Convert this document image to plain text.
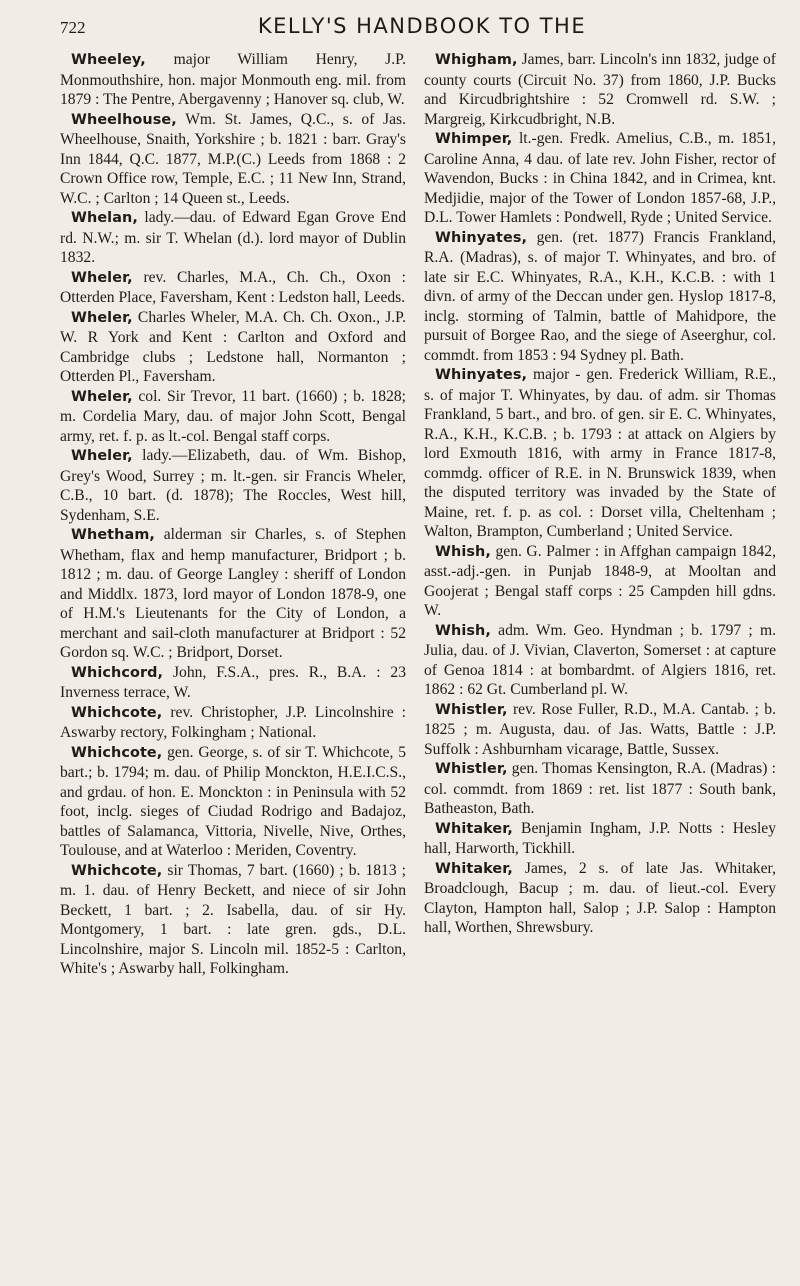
722	KELLY'S HANDBOOK TO THE

Wheeley, major William Henry, J.P. Monmouthshire, hon. major Monmouth eng. mil. from 1879 : The Pentre, Abergavenny ; Hanover sq. club, W.

Wheelhouse, Wm. St. James, Q.C., s. of Jas. Wheelhouse, Snaith, Yorkshire ; b. 1821 : barr. Gray's Inn 1844, Q.C. 1877, M.P.(C.) Leeds from 1868 : 2 Crown Office row, Temple, E.C. ; 11 New Inn, Strand, W.C. ; Carlton ; 14 Queen st., Leeds.

Whelan, lady.—dau. of Edward Egan Grove End rd. N.W.; m. sir T. Whelan (d.). lord mayor of Dublin 1832.

Wheler, rev. Charles, M.A., Ch. Ch., Oxon : Otterden Place, Faversham, Kent : Ledston hall, Leeds.

Wheler, Charles Wheler, M.A. Ch. Ch. Oxon., J.P. W. R York and Kent : Carlton and Oxford and Cambridge clubs ; Ledstone hall, Normanton ; Otterden Pl., Faversham.

Wheler, col. Sir Trevor, 11 bart. (1660) ; b. 1828; m. Cordelia Mary, dau. of major John Scott, Bengal army, ret. f. p. as lt.-col. Bengal staff corps.

Wheler, lady.—Elizabeth, dau. of Wm. Bishop, Grey's Wood, Surrey ; m. lt.-gen. sir Francis Wheler, C.B., 10 bart. (d. 1878); The Roccles, West hill, Sydenham, S.E.

Whetham, alderman sir Charles, s. of Stephen Whetham, flax and hemp manufacturer, Bridport ; b. 1812 ; m. dau. of George Langley : sheriff of London and Middlx. 1873, lord mayor of London 1878-9, one of H.M.'s Lieutenants for the City of London, a merchant and sail-cloth manufacturer at Bridport : 52 Gordon sq. W.C. ; Bridport, Dorset.

Whichcord, John, F.S.A., pres. R., B.A. : 23 Inverness terrace, W.

Whichcote, rev. Christopher, J.P. Lincolnshire : Aswarby rectory, Folkingham ; National.

Whichcote, gen. George, s. of sir T. Whichcote, 5 bart.; b. 1794; m. dau. of Philip Monckton, H.E.I.C.S., and grdau. of hon. E. Monckton : in Peninsula with 52 foot, inclg. sieges of Ciudad Rodrigo and Badajoz, battles of Salamanca, Vittoria, Nivelle, Nive, Orthes, Toulouse, and at Waterloo : Meriden, Coventry.

Whichcote, sir Thomas, 7 bart. (1660) ; b. 1813 ; m. 1. dau. of Henry Beckett, and niece of sir John Beckett, 1 bart. ; 2. Isabella, dau. of sir Hy. Montgomery, 1 bart. : late gren. gds., D.L. Lincolnshire, major S. Lincoln mil. 1852-5 : Carlton, White's ; Aswarby hall, Folkingham.

Whigham, James, barr. Lincoln's inn 1832, judge of county courts (Circuit No. 37) from 1860, J.P. Bucks and Kircudbrightshire : 52 Cromwell rd. S.W. ; Margreig, Kirkcudbright, N.B.

Whimper, lt.-gen. Fredk. Amelius, C.B., m. 1851, Caroline Anna, 4 dau. of late rev. John Fisher, rector of Wavendon, Bucks : in China 1842, and in Crimea, knt. Medjidie, major of the Tower of London 1857-68, J.P., D.L. Tower Hamlets : Pondwell, Ryde ; United Service.

Whinyates, gen. (ret. 1877) Francis Frankland, R.A. (Madras), s. of major T. Whinyates, and bro. of late sir E.C. Whinyates, R.A., K.H., K.C.B. : with 1 divn. of army of the Deccan under gen. Hyslop 1817-8, inclg. storming of Talmin, battle of Mahidpore, the pursuit of Borgee Rao, and the siege of Aseerghur, col. commdt. from 1853 : 94 Sydney pl. Bath.

Whinyates, major - gen. Frederick William, R.E., s. of major T. Whinyates, by dau. of adm. sir Thomas Frankland, 5 bart., and bro. of gen. sir E. C. Whinyates, R.A., K.H., K.C.B. ; b. 1793 : at attack on Algiers by lord Exmouth 1816, with army in France 1817-8, commdg. officer of R.E. in N. Brunswick 1839, when the disputed territory was invaded by the State of Maine, ret. f. p. as col. : Dorset villa, Cheltenham ; Walton, Brampton, Cumberland ; United Service.

Whish, gen. G. Palmer : in Affghan campaign 1842, asst.-adj.-gen. in Punjab 1848-9, at Mooltan and Goojerat ; Bengal staff corps : 25 Campden hill gdns. W.

Whish, adm. Wm. Geo. Hyndman ; b. 1797 ; m. Julia, dau. of J. Vivian, Claverton, Somerset : at capture of Genoa 1814 : at bombardmt. of Algiers 1816, ret. 1862 : 62 Gt. Cumberland pl. W.

Whistler, rev. Rose Fuller, R.D., M.A. Cantab. ; b. 1825 ; m. Augusta, dau. of Jas. Watts, Battle : J.P. Suffolk : Ashburnham vicarage, Battle, Sussex.

Whistler, gen. Thomas Kensington, R.A. (Madras) : col. commdt. from 1869 : ret. list 1877 : South bank, Batheaston, Bath.

Whitaker, Benjamin Ingham, J.P. Notts : Hesley hall, Harworth, Tickhill.

Whitaker, James, 2 s. of late Jas. Whitaker, Broadclough, Bacup ; m. dau. of lieut.-col. Every Clayton, Hampton hall, Salop ; J.P. Salop : Hampton hall, Worthen, Shrewsbury.
